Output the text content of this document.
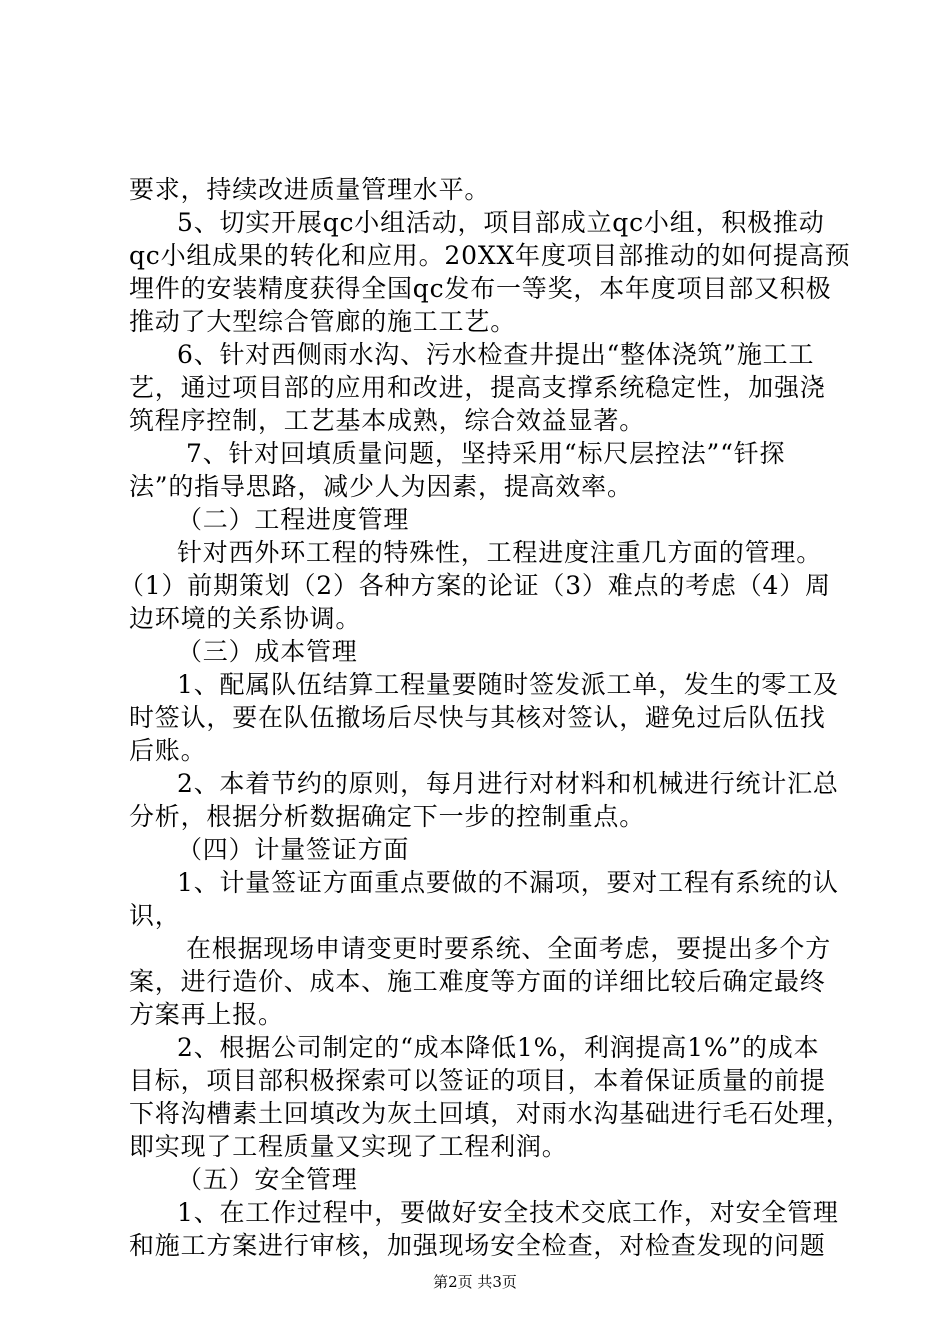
要求，持续改进质量管理水平。
5、切实开展qc小组活动，项目部成立qc小组，积极推动
qc小组成果的转化和应用。20XX年度项目部推动的如何提高预
埋件的安装精度获得全国qc发布一等奖，本年度项目部又积极
推动了大型综合管廊的施工工艺。
6、针对西侧雨水沟、污水检查井提出“整体浇筑”施工工
艺，通过项目部的应用和改进，提高支撑系统稳定性，加强浇
筑程序控制，工艺基本成熟，综合效益显著。
7、针对回填质量问题，坚持采用“标尺层控法”“钎探
法”的指导思路，减少人为因素，提高效率。
（二）工程进度管理
针对西外环工程的特殊性，工程进度注重几方面的管理。
（1）前期策划（2）各种方案的论证（3）难点的考虑（4）周
边环境的关系协调。
（三）成本管理
1、配属队伍结算工程量要随时签发派工单，发生的零工及
时签认，要在队伍撤场后尽快与其核对签认，避免过后队伍找
后账。
2、本着节约的原则，每月进行对材料和机械进行统计汇总
分析，根据分析数据确定下一步的控制重点。
（四）计量签证方面
1、计量签证方面重点要做的不漏项，要对工程有系统的认
识，
在根据现场申请变更时要系统、全面考虑，要提出多个方
案，进行造价、成本、施工难度等方面的详细比较后确定最终
方案再上报。
2、根据公司制定的“成本降低1%，利润提高1%”的成本
目标，项目部积极探索可以签证的项目，本着保证质量的前提
下将沟槽素土回填改为灰土回填，对雨水沟基础进行毛石处理，
即实现了工程质量又实现了工程利润。
（五）安全管理
1、在工作过程中，要做好安全技术交底工作，对安全管理
和施工方案进行审核，加强现场安全检查，对检查发现的问题
第2页 共3页
